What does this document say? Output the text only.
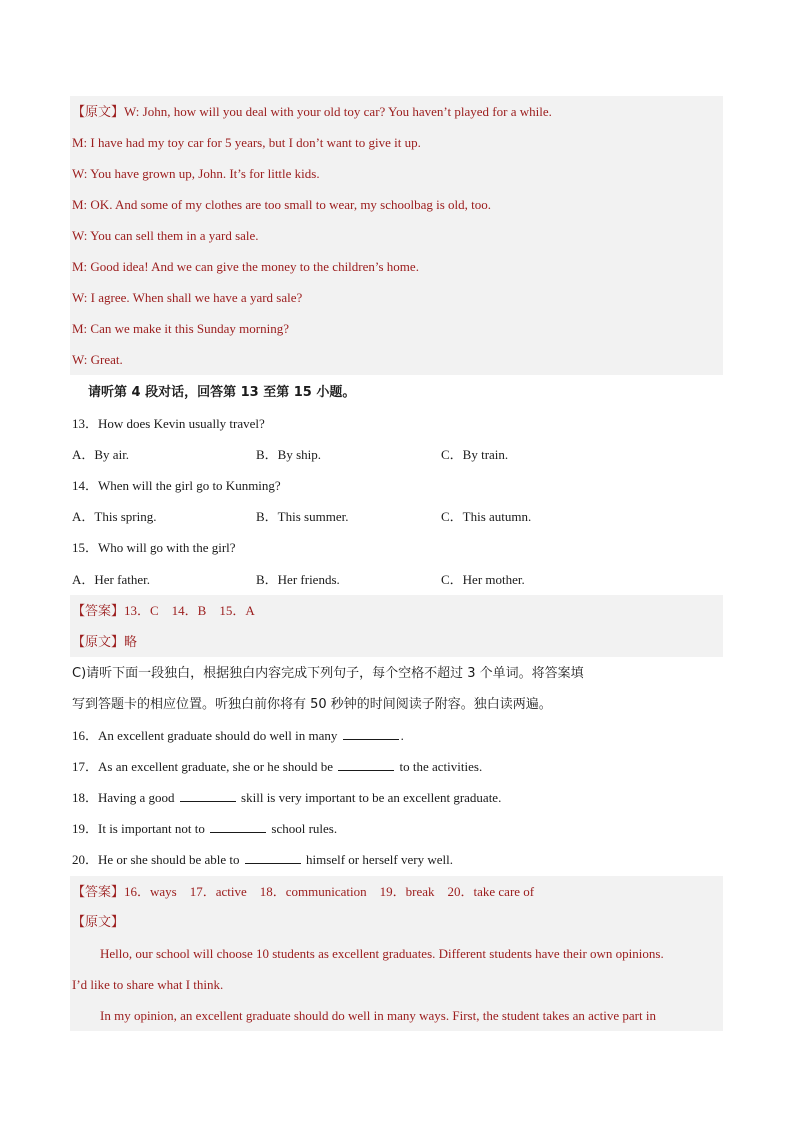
【原文】W: John, how will you deal with your old toy car? You haven’t played for a while.
M: I have had my toy car for 5 years, but I don’t want to give it up.
W: You have grown up, John. It’s for little kids.
M: OK. And some of my clothes are too small to wear, my schoolbag is old, too.
W: You can sell them in a yard sale.
M: Good idea! And we can give the money to the children’s home.
W: I agree. When shall we have a yard sale?
M: Can we make it this Sunday morning?
W: Great.
请听第 4 段对话，回答第 13 至第 15 小题。
13．How does Kevin usually travel?
A．By air.	B．By ship.	C．By train.
14．When will the girl go to Kunming?
A．This spring.	B．This summer.	C．This autumn.
15．Who will go with the girl?
A．Her father.	B．Her friends.	C．Her mother.
【答案】13．C　14．B　15．A
【原文】略
C)请听下面一段独白，根据独白内容完成下列句子，每个空格不超过 3 个单词。将答案填
写到答题卡的相应位置。听独白前你将有 50 秒钟的时间阅读子附容。独白读两遍。
16．An excellent graduate should do well in many	.
17．As an excellent graduate, she or he should be	to the activities.
18．Having a good	skill is very important to be an excellent graduate.
19．It is important not to	school rules.
20．He or she should be able to	himself or herself very well.
【答案】16．ways　17．active　18．communication　19．break　20．take care of
【原文】
Hello, our school will choose 10 students as excellent graduates. Different students have their own opinions.
I’d like to share what I think.
In my opinion, an excellent graduate should do well in many ways. First, the student takes an active part in
